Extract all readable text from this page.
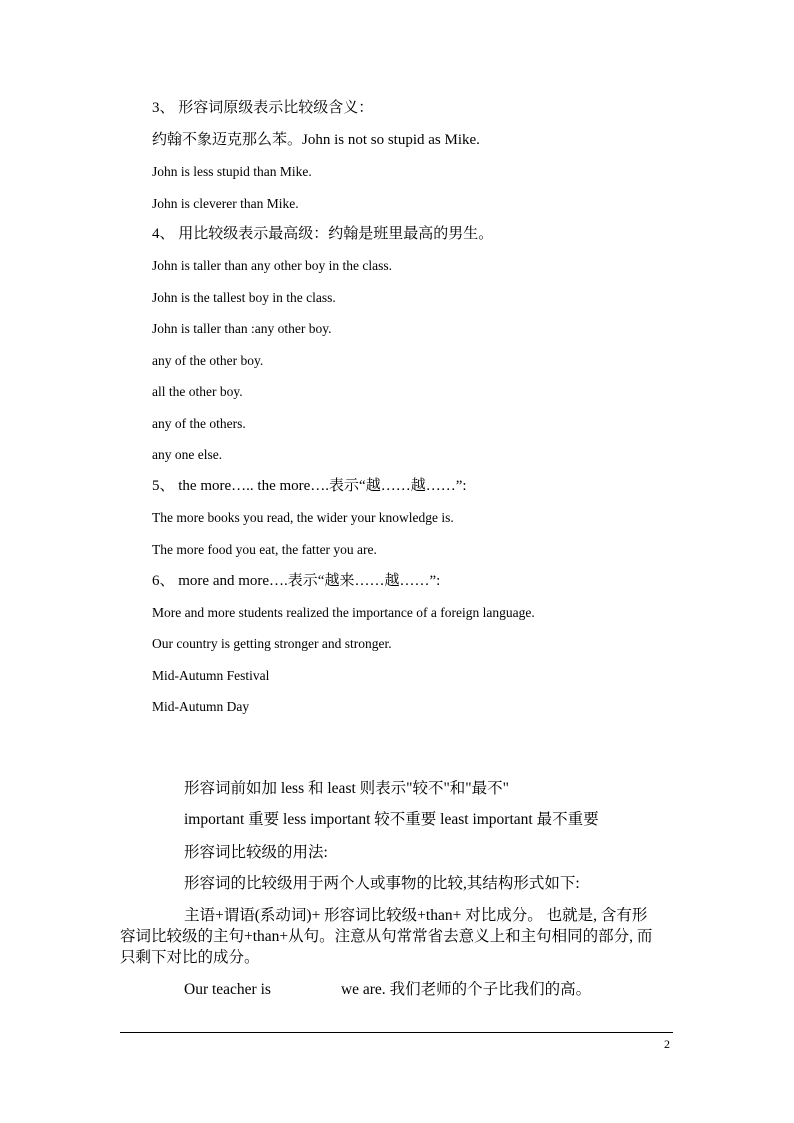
3、 形容词原级表示比较级含义：
约翰不象迈克那么苯。John is not so stupid as Mike.
John is less stupid than Mike.
John is cleverer than Mike.
4、 用比较级表示最高级：约翰是班里最高的男生。
John is taller than any other boy in the class.
John is the tallest boy in the class.
John is taller than :any other boy.
any of the other boy.
all the other boy.
any of the others.
any one else.
5、 the more….. the more….表示“越……越……”:
The more books you read, the wider your knowledge is.
The more food you eat, the fatter you are.
6、 more and more….表示“越来……越……”:
More and more students realized the importance of a foreign language.
Our country is getting stronger and stronger.
Mid-Autumn Festival
Mid-Autumn Day
形容词前如加 less 和 least 则表示"较不"和"最不"
important 重要 less important 较不重要 least important 最不重要
形容词比较级的用法:
形容词的比较级用于两个人或事物的比较,其结构形式如下:
主语+谓语(系动词)+ 形容词比较级+than+ 对比成分。 也就是, 含有形
容词比较级的主句+than+从句。注意从句常常省去意义上和主句相同的部分, 而
只剩下对比的成分。
Our teacher is	we are. 我们老师的个子比我们的高。
2
